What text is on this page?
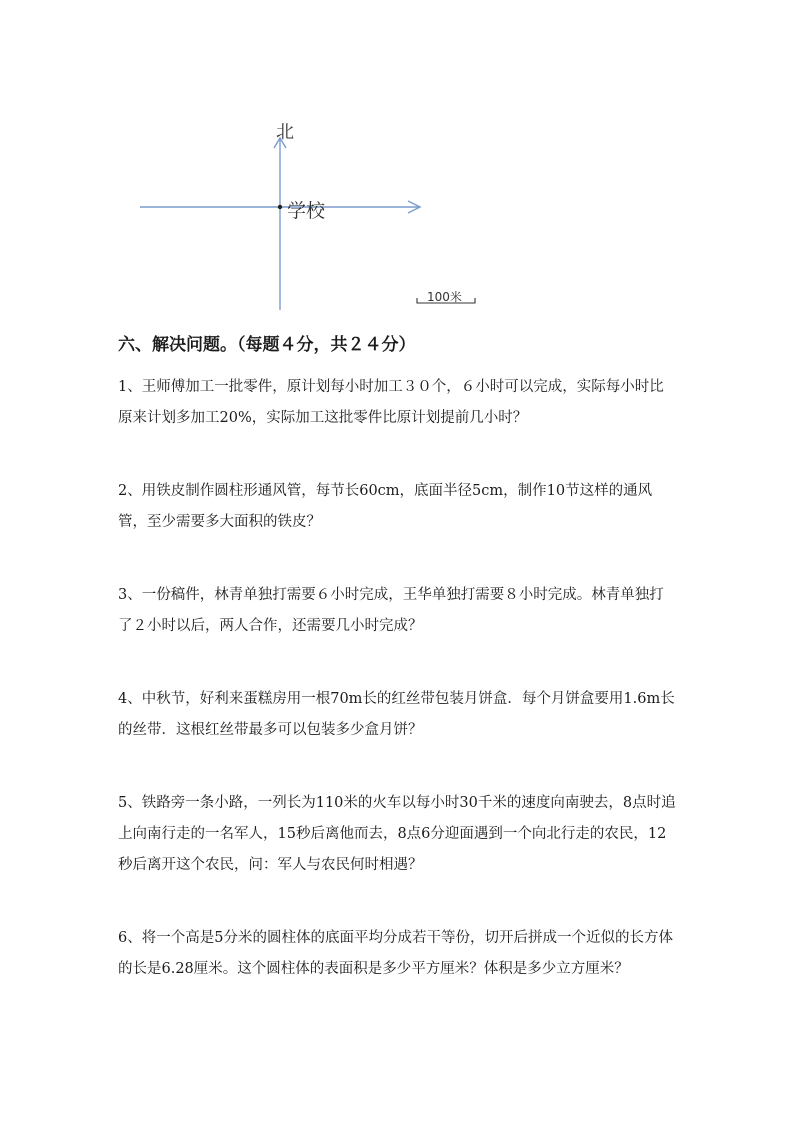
北
学校
100米
六、解决问题。（每题４分，共２４分）

1、王师傅加工一批零件，原计划每小时加工３０个，６小时可以完成，实际每小时比原来计划多加工20%，实际加工这批零件比原计划提前几小时？

2、用铁皮制作圆柱形通风管，每节长60cm，底面半径5cm，制作10节这样的通风管，至少需要多大面积的铁皮？

3、一份稿件，林青单独打需要６小时完成，王华单独打需要８小时完成。林青单独打了２小时以后，两人合作，还需要几小时完成？

4、中秋节，好利来蛋糕房用一根70m长的红丝带包装月饼盒．每个月饼盒要用1.6m长的丝带．这根红丝带最多可以包装多少盒月饼？

5、铁路旁一条小路，一列长为110米的火车以每小时30千米的速度向南驶去，8点时追上向南行走的一名军人，15秒后离他而去，8点6分迎面遇到一个向北行走的农民，12秒后离开这个农民，问：军人与农民何时相遇？

6、将一个高是5分米的圆柱体的底面平均分成若干等份，切开后拼成一个近似的长方体的长是6.28厘米。这个圆柱体的表面积是多少平方厘米？体积是多少立方厘米？
